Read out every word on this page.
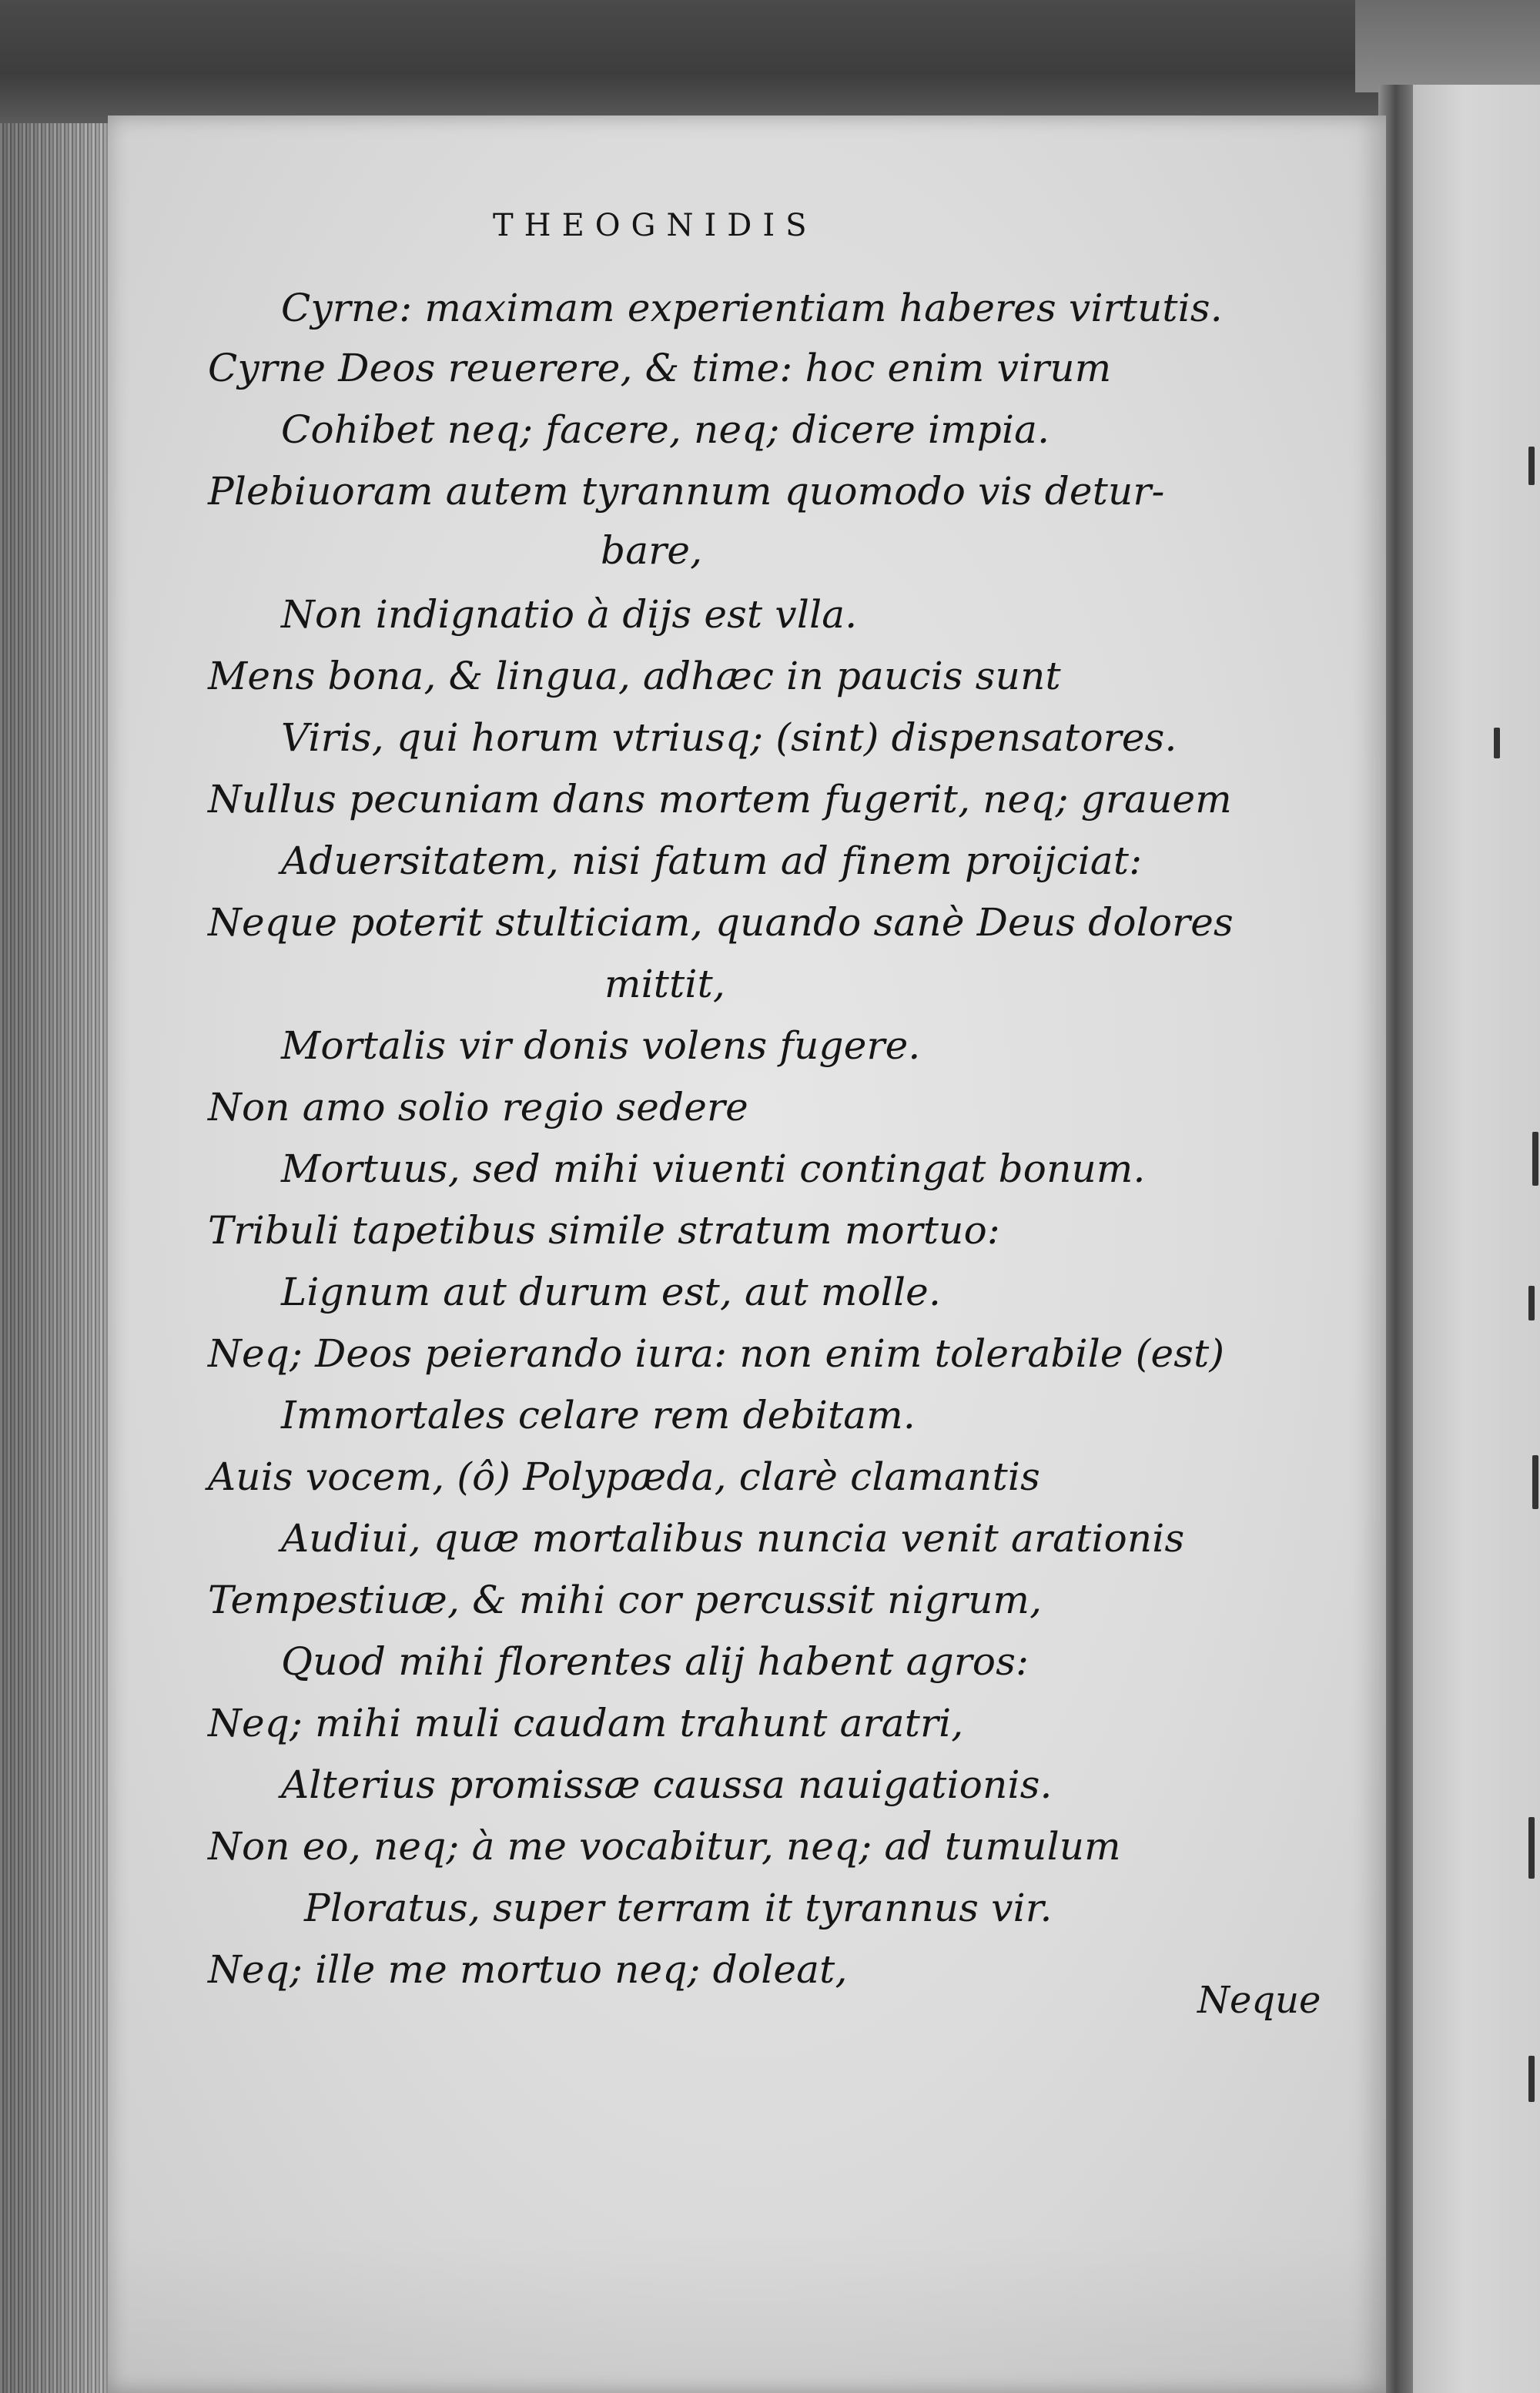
THEOGNIDIS
Cyrne: maximam experientiam haberes virtutis.
Cyrne Deos reuerere, & time: hoc enim virum
Cohibet neq; facere, neq; dicere impia.
Plebiuoram autem tyrannum quomodo vis detur-
bare,
Non indignatio à dijs est vlla.
Mens bona, & lingua, adhæc in paucis sunt
Viris, qui horum vtriusq; (sint) dispensatores.
Nullus pecuniam dans mortem fugerit, neq; grauem
Aduersitatem, nisi fatum ad finem proijciat:
Neque poterit stulticiam, quando sanè Deus dolores
mittit,
Mortalis vir donis volens fugere.
Non amo solio regio sedere
Mortuus, sed mihi viuenti contingat bonum.
Tribuli tapetibus simile stratum mortuo:
Lignum aut durum est, aut molle.
Neq; Deos peierando iura: non enim tolerabile (est)
Immortales celare rem debitam.
Auis vocem, (ô) Polypæda, clarè clamantis
Audiui, quæ mortalibus nuncia venit arationis
Tempestiuæ, & mihi cor percussit nigrum,
Quod mihi florentes alij habent agros:
Neq; mihi muli caudam trahunt aratri,
Alterius promissæ caussa nauigationis.
Non eo, neq; à me vocabitur, neq; ad tumulum
Ploratus, super terram it tyrannus vir.
Neq; ille me mortuo neq; doleat,
Neque
